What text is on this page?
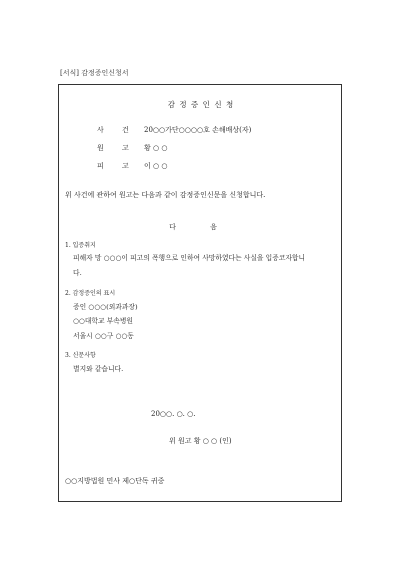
[서식] 감정증인신청서
감 정 증 인 신 청
사 건 20○○가단○○○○호 손해배상(자)
원 고 황 ○ ○
피 고 이 ○ ○
위 사건에 관하여 원고는 다음과 같이 감정증인신문을 신청합니다.
다 음
1. 입증취지
피해자 망 ○○○이 피고의 폭행으로 인하여 사망하였다는 사실을 입증코자합니
다.
2. 감정증인의 표시
증인 ○○○(외과과장)
○○대학교 부속병원
서울시 ○○구 ○○동
3. 신문사항
별지와 같습니다.
20○○. ○. ○.
위 원고 황 ○ ○ (인)
○○지방법원 민사 제○단독 귀중
